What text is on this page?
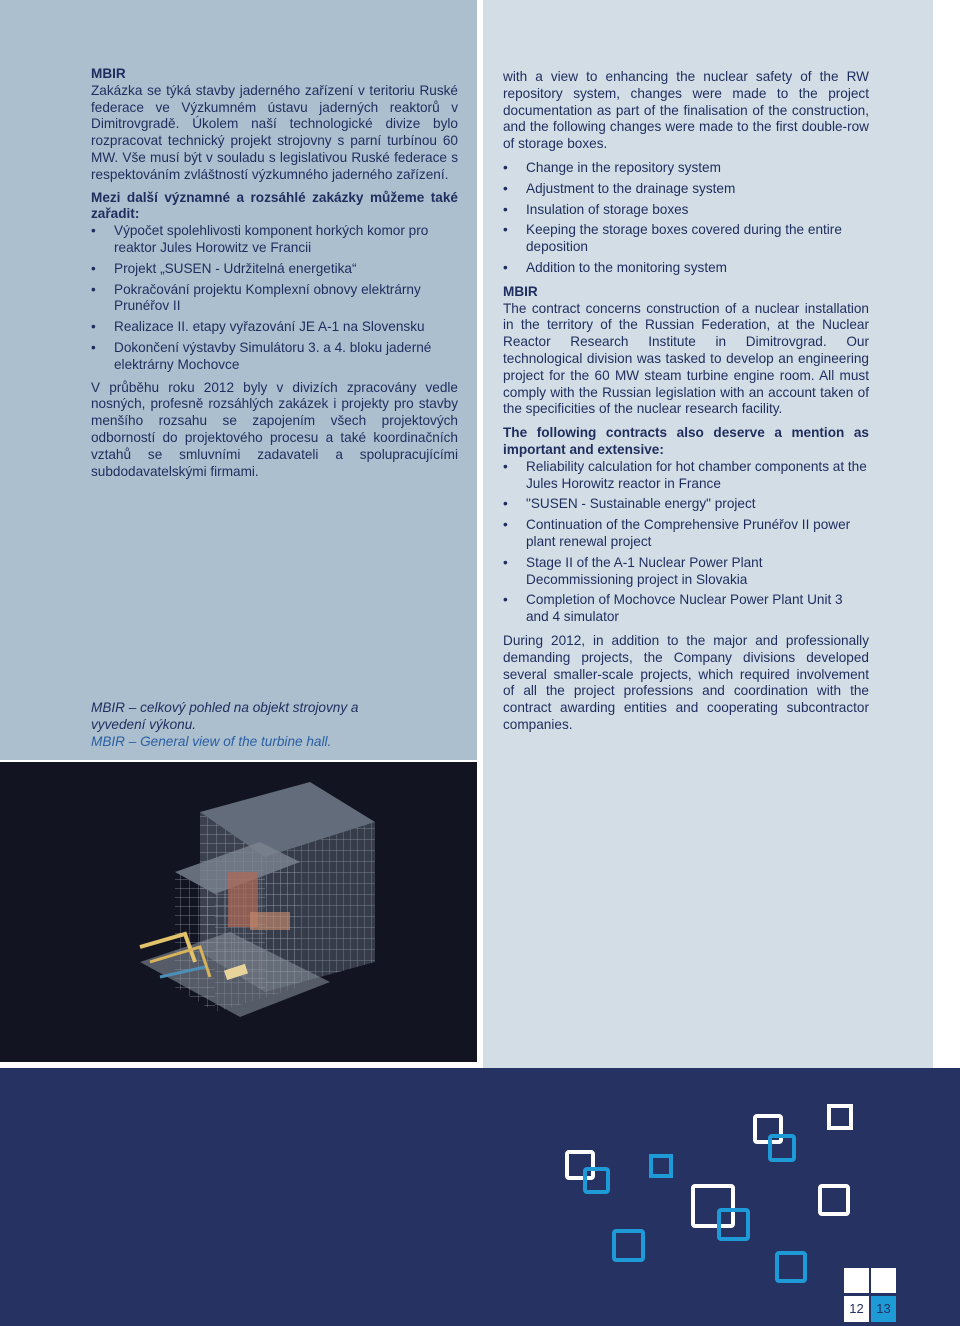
MBIR

Zakázka se týká stavby jaderného zařízení v teritoriu Ruské federace ve Výzkumném ústavu jaderných reaktorů v Dimitrovgradě. Úkolem naší technologické divize bylo rozpracovat technický projekt strojovny s parní turbínou 60 MW. Vše musí být v souladu s legislativou Ruské federace s respektováním zvláštností výzkumného jaderného zařízení.

Mezi další významné a rozsáhlé zakázky můžeme také zařadit:
• Výpočet spolehlivosti komponent horkých komor pro reaktor Jules Horowitz ve Francii
• Projekt „SUSEN - Udržitelná energetika“
• Pokračování projektu Komplexní obnovy elektrárny Prunéřov II
• Realizace II. etapy vyřazování JE A-1 na Slovensku
• Dokončení výstavby Simulátoru 3. a 4. bloku jaderné elektrárny Mochovce

V průběhu roku 2012 byly v divizích zpracovány vedle nosných, profesně rozsáhlých zakázek i projekty pro stavby menšího rozsahu se zapojením všech projektových odborností do projektového procesu a také koordinačních vztahů se smluvními zadavateli a spolupracujícími subdodavatelskými firmami.

MBIR – celkový pohled na objekt strojovny a vyvedení výkonu.
MBIR – General view of the turbine hall.

with a view to enhancing the nuclear safety of the RW repository system, changes were made to the project documentation as part of the finalisation of the construction, and the following changes were made to the first double-row of storage boxes.

• Change in the repository system
• Adjustment to the drainage system
• Insulation of storage boxes
• Keeping the storage boxes covered during the entire deposition
• Addition to the monitoring system
MBIR

The contract concerns construction of a nuclear installation in the territory of the Russian Federation, at the Nuclear Reactor Research Institute in Dimitrovgrad. Our technological division was tasked to develop an engineering project for the 60 MW steam turbine engine room. All must comply with the Russian legislation with an account taken of the specificities of the nuclear research facility.

The following contracts also deserve a mention as important and extensive:
• Reliability calculation for hot chamber components at the Jules Horowitz reactor in France
• "SUSEN - Sustainable energy" project
• Continuation of the Comprehensive Prunéřov II power plant renewal project
• Stage II of the A-1 Nuclear Power Plant Decommissioning project in Slovakia
• Completion of Mochovce Nuclear Power Plant Unit 3 and 4 simulator

During 2012, in addition to the major and professionally demanding projects, the Company divisions developed several smaller-scale projects, which required involvement of all the project professions and coordination with the contract awarding entities and cooperating subcontractor companies.

12 13
